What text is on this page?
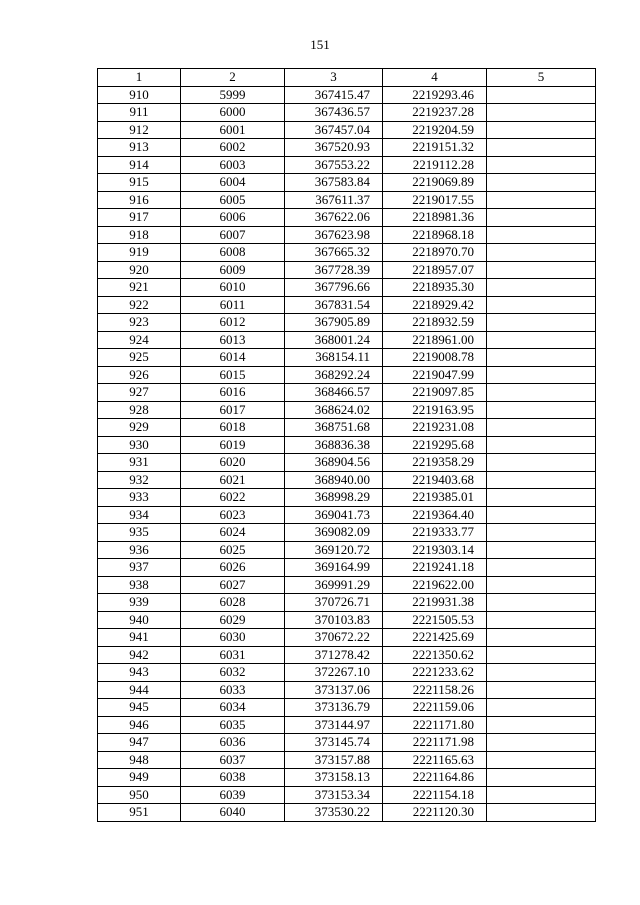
151
1	2	3	4	5
910	5999	367415.47	2219293.46	
911	6000	367436.57	2219237.28	
912	6001	367457.04	2219204.59	
913	6002	367520.93	2219151.32	
914	6003	367553.22	2219112.28	
915	6004	367583.84	2219069.89	
916	6005	367611.37	2219017.55	
917	6006	367622.06	2218981.36	
918	6007	367623.98	2218968.18	
919	6008	367665.32	2218970.70	
920	6009	367728.39	2218957.07	
921	6010	367796.66	2218935.30	
922	6011	367831.54	2218929.42	
923	6012	367905.89	2218932.59	
924	6013	368001.24	2218961.00	
925	6014	368154.11	2219008.78	
926	6015	368292.24	2219047.99	
927	6016	368466.57	2219097.85	
928	6017	368624.02	2219163.95	
929	6018	368751.68	2219231.08	
930	6019	368836.38	2219295.68	
931	6020	368904.56	2219358.29	
932	6021	368940.00	2219403.68	
933	6022	368998.29	2219385.01	
934	6023	369041.73	2219364.40	
935	6024	369082.09	2219333.77	
936	6025	369120.72	2219303.14	
937	6026	369164.99	2219241.18	
938	6027	369991.29	2219622.00	
939	6028	370726.71	2219931.38	
940	6029	370103.83	2221505.53	
941	6030	370672.22	2221425.69	
942	6031	371278.42	2221350.62	
943	6032	372267.10	2221233.62	
944	6033	373137.06	2221158.26	
945	6034	373136.79	2221159.06	
946	6035	373144.97	2221171.80	
947	6036	373145.74	2221171.98	
948	6037	373157.88	2221165.63	
949	6038	373158.13	2221164.86	
950	6039	373153.34	2221154.18	
951	6040	373530.22	2221120.30	
